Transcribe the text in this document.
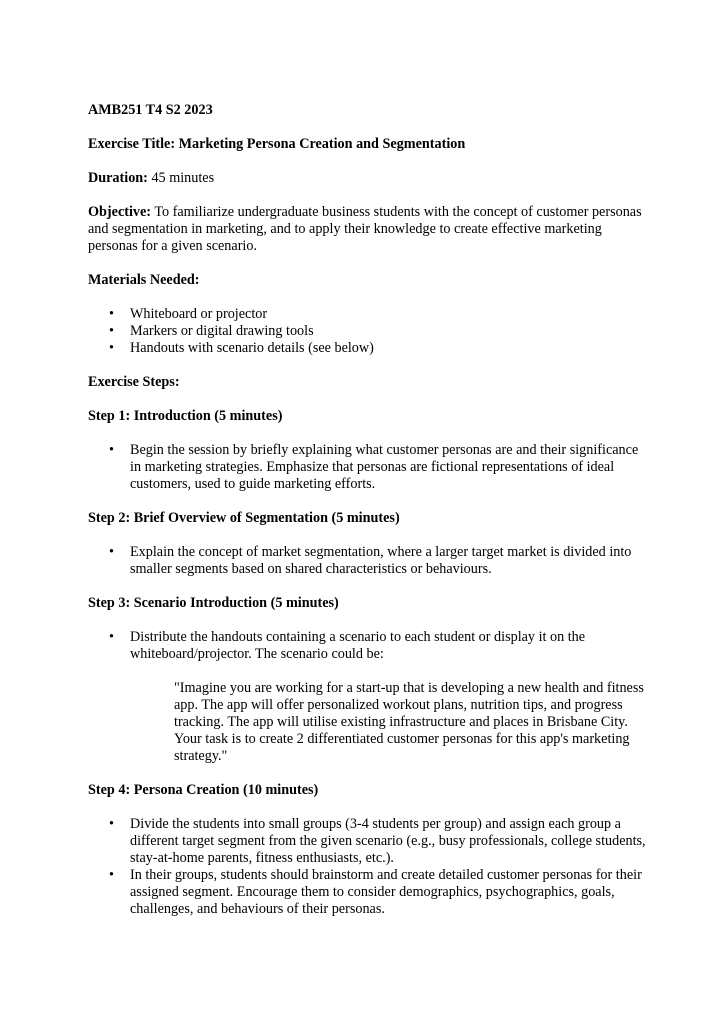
AMB251 T4 S2 2023

Exercise Title: Marketing Persona Creation and Segmentation

Duration: 45 minutes

Objective: To familiarize undergraduate business students with the concept of customer personas and segmentation in marketing, and to apply their knowledge to create effective marketing personas for a given scenario.

Materials Needed:

• Whiteboard or projector
• Markers or digital drawing tools
• Handouts with scenario details (see below)

Exercise Steps:

Step 1: Introduction (5 minutes)

• Begin the session by briefly explaining what customer personas are and their significance in marketing strategies. Emphasize that personas are fictional representations of ideal customers, used to guide marketing efforts.

Step 2: Brief Overview of Segmentation (5 minutes)

• Explain the concept of market segmentation, where a larger target market is divided into smaller segments based on shared characteristics or behaviours.

Step 3: Scenario Introduction (5 minutes)

• Distribute the handouts containing a scenario to each student or display it on the whiteboard/projector. The scenario could be:

"Imagine you are working for a start-up that is developing a new health and fitness app. The app will offer personalized workout plans, nutrition tips, and progress tracking. The app will utilise existing infrastructure and places in Brisbane City. Your task is to create 2 differentiated customer personas for this app's marketing strategy."

Step 4: Persona Creation (10 minutes)

• Divide the students into small groups (3-4 students per group) and assign each group a different target segment from the given scenario (e.g., busy professionals, college students, stay-at-home parents, fitness enthusiasts, etc.).
• In their groups, students should brainstorm and create detailed customer personas for their assigned segment. Encourage them to consider demographics, psychographics, goals, challenges, and behaviours of their personas.
